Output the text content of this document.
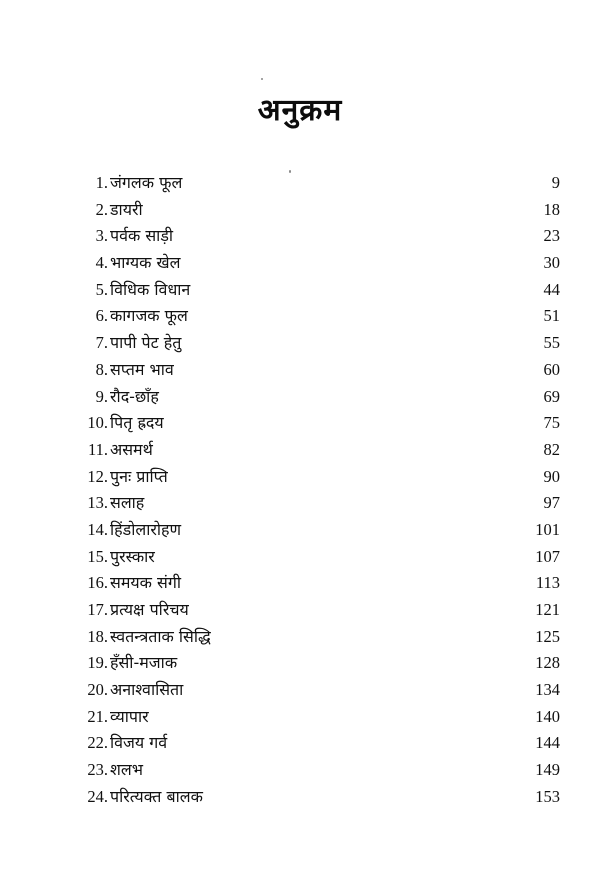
अनुक्रम
1. जंगलक फूल	9
2. डायरी	18
3. पर्वक साड़ी	23
4. भाग्यक खेल	30
5. विधिक विधान	44
6. कागजक फूल	51
7. पापी पेट हेतु	55
8. सप्तम भाव	60
9. रौद-छाँह	69
10. पितृ ह्रदय	75
11. असमर्थ	82
12. पुनः प्राप्ति	90
13. सलाह	97
14. हिंडोलारोहण	101
15. पुरस्कार	107
16. समयक संगी	113
17. प्रत्यक्ष परिचय	121
18. स्वतन्त्रताक सिद्धि	125
19. हँसी-मजाक	128
20. अनाश्वासिता	134
21. व्यापार	140
22. विजय गर्व	144
23. शलभ	149
24. परित्यक्त बालक	153
